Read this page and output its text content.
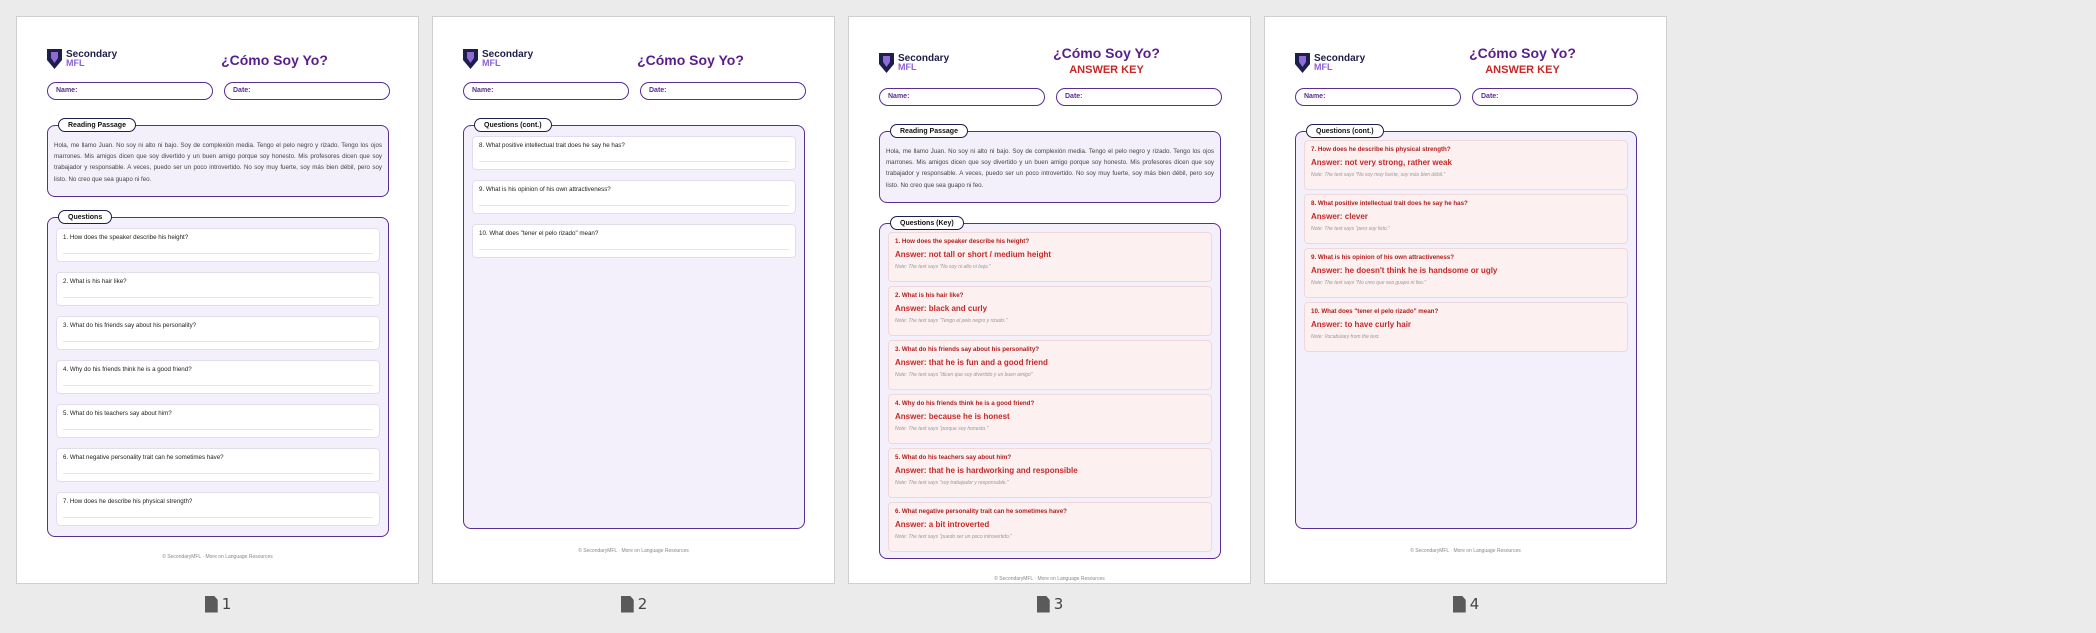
Secondary
MFL	¿Cómo Soy Yo?
Name:	Date:
Reading Passage
Hola, me llamo Juan. No soy ni alto ni bajo. Soy de complexión media. Tengo el pelo negro y rizado. Tengo los ojos marrones. Mis amigos dicen que soy divertido y un buen amigo porque soy honesto. Mis profesores dicen que soy trabajador y responsable. A veces, puedo ser un poco introvertido. No soy muy fuerte, soy más bien débil, pero soy listo. No creo que sea guapo ni feo.
Questions
1. How does the speaker describe his height?
2. What is his hair like?
3. What do his friends say about his personality?
4. Why do his friends think he is a good friend?
5. What do his teachers say about him?
6. What negative personality trait can he sometimes have?
7. How does he describe his physical strength?
© SecondaryMFL · More on Language Resources
Secondary
MFL	¿Cómo Soy Yo?
Name:	Date:
Questions (cont.)
8. What positive intellectual trait does he say he has?
9. What is his opinion of his own attractiveness?
10. What does "tener el pelo rizado" mean?
© SecondaryMFL · More on Language Resources
Secondary
MFL
¿Cómo Soy Yo?
ANSWER KEY
Name:	Date:
Reading Passage
Hola, me llamo Juan. No soy ni alto ni bajo. Soy de complexión media. Tengo el pelo negro y rizado. Tengo los ojos marrones. Mis amigos dicen que soy divertido y un buen amigo porque soy honesto. Mis profesores dicen que soy trabajador y responsable. A veces, puedo ser un poco introvertido. No soy muy fuerte, soy más bien débil, pero soy listo. No creo que sea guapo ni feo.
Questions (Key)
1. How does the speaker describe his height?
Answer: not tall or short / medium height
Note: The text says "No soy ni alto ni bajo."
2. What is his hair like?
Answer: black and curly
Note: The text says "Tengo el pelo negro y rizado."
3. What do his friends say about his personality?
Answer: that he is fun and a good friend
Note: The text says "dicen que soy divertido y un buen amigo"
4. Why do his friends think he is a good friend?
Answer: because he is honest
Note: The text says "porque soy honesto."
5. What do his teachers say about him?
Answer: that he is hardworking and responsible
Note: The text says "soy trabajador y responsable."
6. What negative personality trait can he sometimes have?
Answer: a bit introverted
Note: The text says "puedo ser un poco introvertido."
© SecondaryMFL · More on Language Resources
Secondary
MFL
¿Cómo Soy Yo?
ANSWER KEY
Name:	Date:
Questions (cont.)
7. How does he describe his physical strength?
Answer: not very strong, rather weak
Note: The text says "No soy muy fuerte, soy más bien débil."
8. What positive intellectual trait does he say he has?
Answer: clever
Note: The text says "pero soy listo."
9. What is his opinion of his own attractiveness?
Answer: he doesn't think he is handsome or ugly
Note: The text says "No creo que sea guapo ni feo."
10. What does "tener el pelo rizado" mean?
Answer: to have curly hair
Note: Vocabulary from the text.
© SecondaryMFL · More on Language Resources
1	2	3	4
